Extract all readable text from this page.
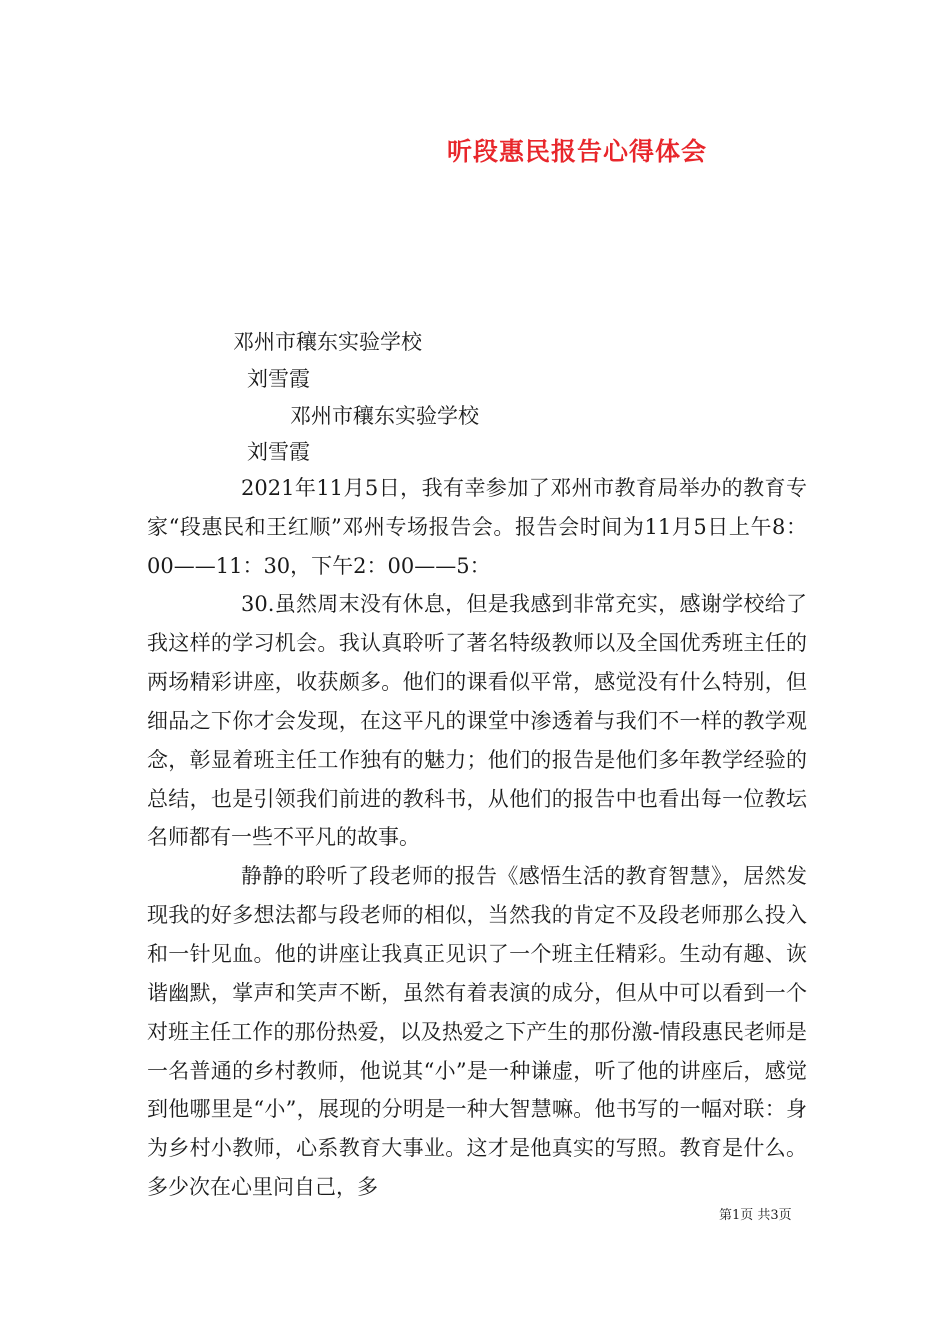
听段惠民报告心得体会
邓州市穰东实验学校
刘雪霞
邓州市穰东实验学校
刘雪霞

2021年11月5日，我有幸参加了邓州市教育局举办的教育专家“段惠民和王红顺”邓州专场报告会。报告会时间为11月5日上午8：00——11：30，下午2：00——5：

30.虽然周末没有休息，但是我感到非常充实，感谢学校给了我这样的学习机会。我认真聆听了著名特级教师以及全国优秀班主任的两场精彩讲座，收获颇多。他们的课看似平常，感觉没有什么特别，但细品之下你才会发现，在这平凡的课堂中渗透着与我们不一样的教学观念，彰显着班主任工作独有的魅力；他们的报告是他们多年教学经验的总结，也是引领我们前进的教科书，从他们的报告中也看出每一位教坛名师都有一些不平凡的故事。

静静的聆听了段老师的报告《感悟生活的教育智慧》，居然发现我的好多想法都与段老师的相似，当然我的肯定不及段老师那么投入和一针见血。他的讲座让我真正见识了一个班主任精彩。生动有趣、诙谐幽默，掌声和笑声不断，虽然有着表演的成分，但从中可以看到一个对班主任工作的那份热爱，以及热爱之下产生的那份激-情段惠民老师是一名普通的乡村教师，他说其“小”是一种谦虚，听了他的讲座后，感觉到他哪里是“小”，展现的分明是一种大智慧嘛。他书写的一幅对联：身为乡村小教师，心系教育大事业。这才是他真实的写照。教育是什么。多少次在心里问自己，多

第1页 共3页
